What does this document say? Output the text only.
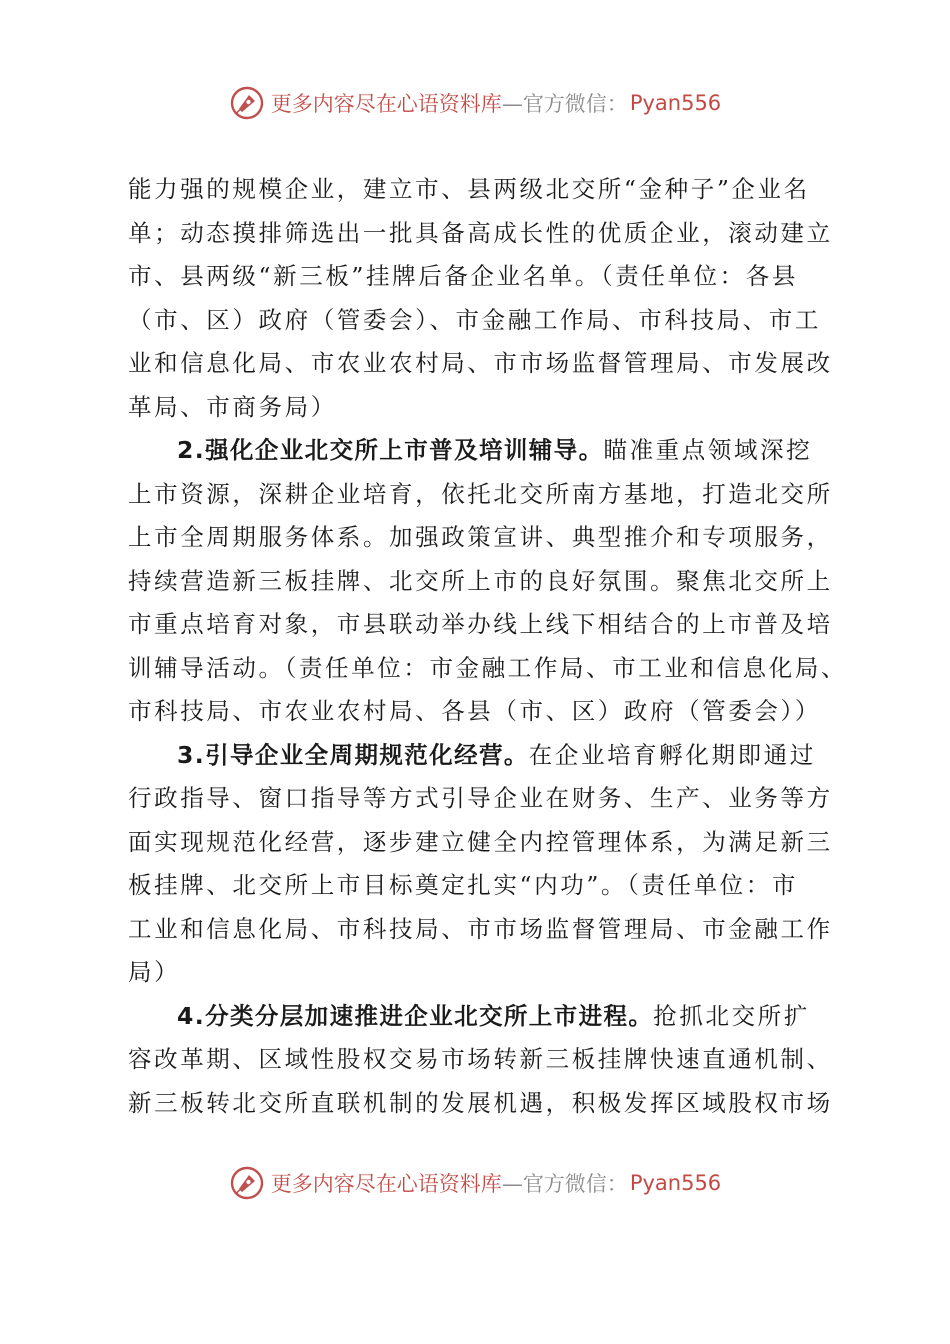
更多内容尽在心语资料库 —官方微信： Pyan556

能力强的规模企业，建立市、县两级北交所“金种子”企业名
单；动态摸排筛选出一批具备高成长性的优质企业，滚动建立
市、县两级“新三板”挂牌后备企业名单。（责任单位：各县
（市、区）政府（管委会）、市金融工作局、市科技局、市工
业和信息化局、市农业农村局、市市场监督管理局、市发展改
革局、市商务局）

2.强化企业北交所上市普及培训辅导。瞄准重点领域深挖
上市资源，深耕企业培育，依托北交所南方基地，打造北交所
上市全周期服务体系。加强政策宣讲、典型推介和专项服务，
持续营造新三板挂牌、北交所上市的良好氛围。聚焦北交所上
市重点培育对象，市县联动举办线上线下相结合的上市普及培
训辅导活动。（责任单位：市金融工作局、市工业和信息化局、
市科技局、市农业农村局、各县（市、区）政府（管委会））

3.引导企业全周期规范化经营。在企业培育孵化期即通过
行政指导、窗口指导等方式引导企业在财务、生产、业务等方
面实现规范化经营，逐步建立健全内控管理体系，为满足新三
板挂牌、北交所上市目标奠定扎实“内功”。（责任单位：市
工业和信息化局、市科技局、市市场监督管理局、市金融工作
局）

4.分类分层加速推进企业北交所上市进程。抢抓北交所扩
容改革期、区域性股权交易市场转新三板挂牌快速直通机制、
新三板转北交所直联机制的发展机遇，积极发挥区域股权市场

更多内容尽在心语资料库 —官方微信： Pyan556
